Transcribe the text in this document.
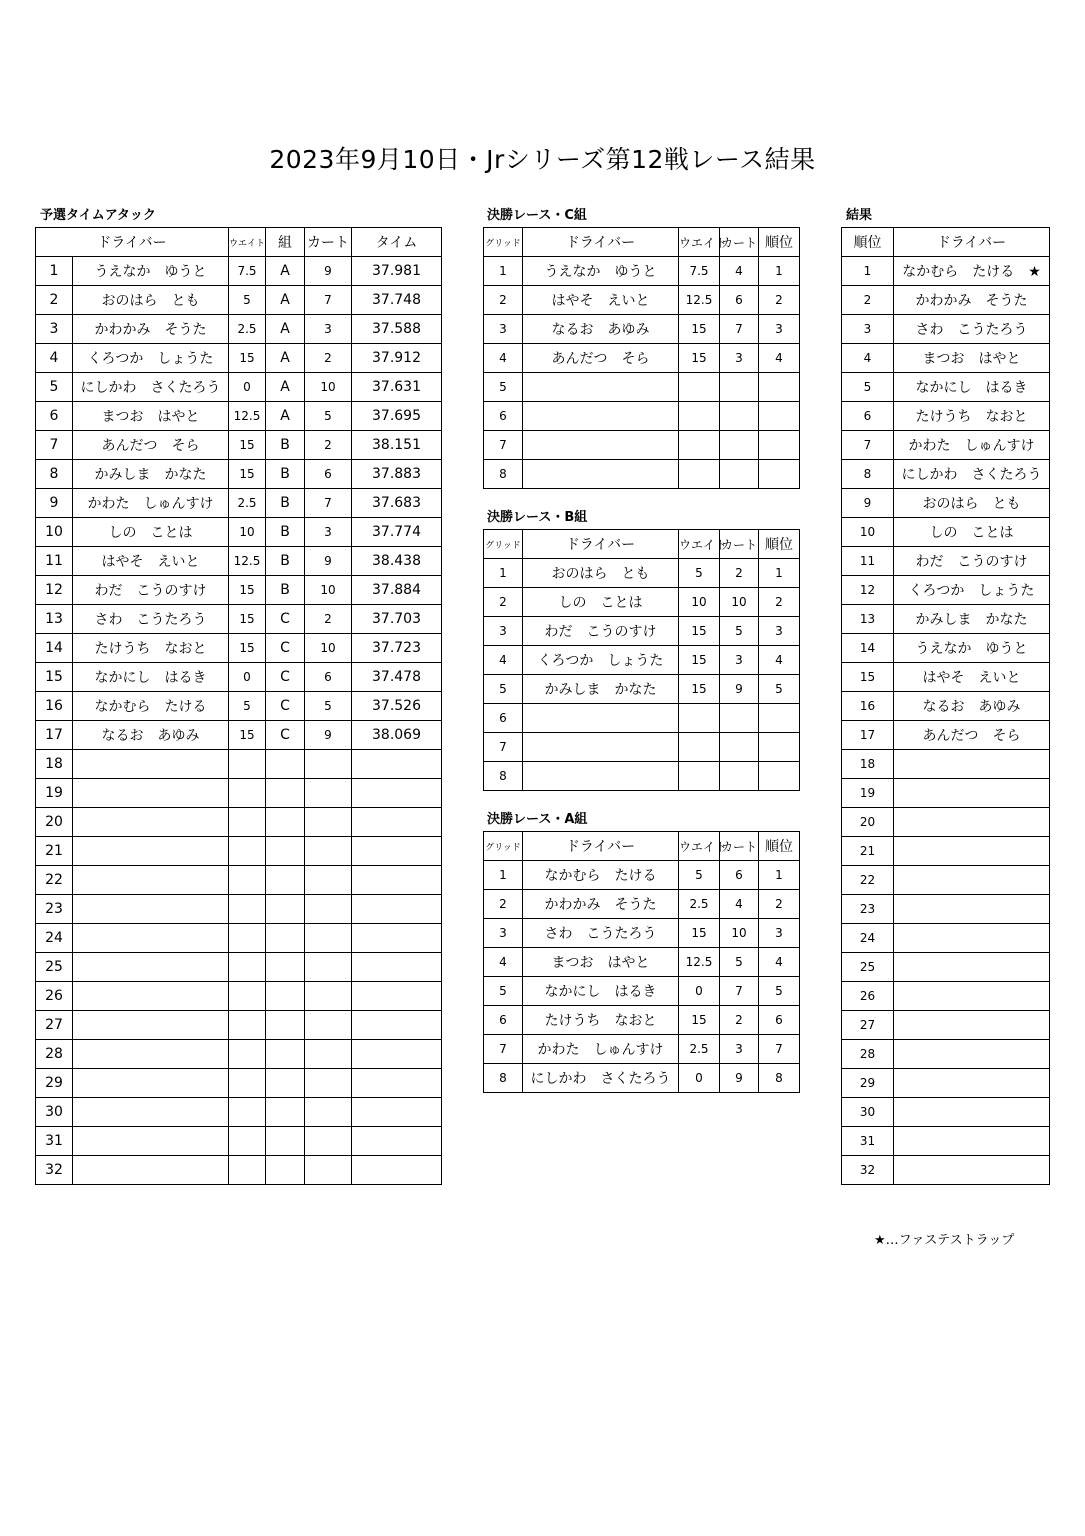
2023年9月10日・Jrシリーズ第12戦レース結果
予選タイムアタック	決勝レース・C組
決勝レース・B組
決勝レース・A組
結果
ドライバー		ウエイト	組	カート	タイム
1	うえなか　ゆうと	7.5	A	9	37.981
2	おのはら　とも	5	A	7	37.748
3	かわかみ　そうた	2.5	A	3	37.588
4	くろつか　しょうた	15	A	2	37.912
5	にしかわ　さくたろう	0	A	10	37.631
6	まつお　はやと	12.5	A	5	37.695
7	あんだつ　そら	15	B	2	38.151
8	かみしま　かなた	15	B	6	37.883
9	かわた　しゅんすけ	2.5	B	7	37.683
10	しの　ことは	10	B	3	37.774
11	はやそ　えいと	12.5	B	9	38.438
12	わだ　こうのすけ	15	B	10	37.884
13	さわ　こうたろう	15	C	2	37.703
14	たけうち　なおと	15	C	10	37.723
15	なかにし　はるき	0	C	6	37.478
16	なかむら　たける	5	C	5	37.526
17	なるお　あゆみ	15	C	9	38.069
18					
19					
20					
21					
22					
23					
24					
25					
26					
27					
28					
29					
30					
31					
32					
グリッド	ドライバー	ウエイト	カート	順位
1	うえなか　ゆうと	7.5	4	1
2	はやそ　えいと	12.5	6	2
3	なるお　あゆみ	15	7	3
4	あんだつ　そら	15	3	4
5				
6				
7				
8				
グリッド	ドライバー	ウエイト	カート	順位
1	おのはら　とも	5	2	1
2	しの　ことは	10	10	2
3	わだ　こうのすけ	15	5	3
4	くろつか　しょうた	15	3	4
5	かみしま　かなた	15	9	5
6				
7				
8				
グリッド	ドライバー	ウエイト	カート	順位
1	なかむら　たける	5	6	1
2	かわかみ　そうた	2.5	4	2
3	さわ　こうたろう	15	10	3
4	まつお　はやと	12.5	5	4
5	なかにし　はるき	0	7	5
6	たけうち　なおと	15	2	6
7	かわた　しゅんすけ	2.5	3	7
8	にしかわ　さくたろう	0	9	8
順位	ドライバー
1	なかむら　たける　★
2	かわかみ　そうた
3	さわ　こうたろう
4	まつお　はやと
5	なかにし　はるき
6	たけうち　なおと
7	かわた　しゅんすけ
8	にしかわ　さくたろう
9	おのはら　とも
10	しの　ことは
11	わだ　こうのすけ
12	くろつか　しょうた
13	かみしま　かなた
14	うえなか　ゆうと
15	はやそ　えいと
16	なるお　あゆみ
17	あんだつ　そら
18	
19	
20	
21	
22	
23	
24	
25	
26	
27	
28	
29	
30	
31	
32	
★…ファステストラップ
